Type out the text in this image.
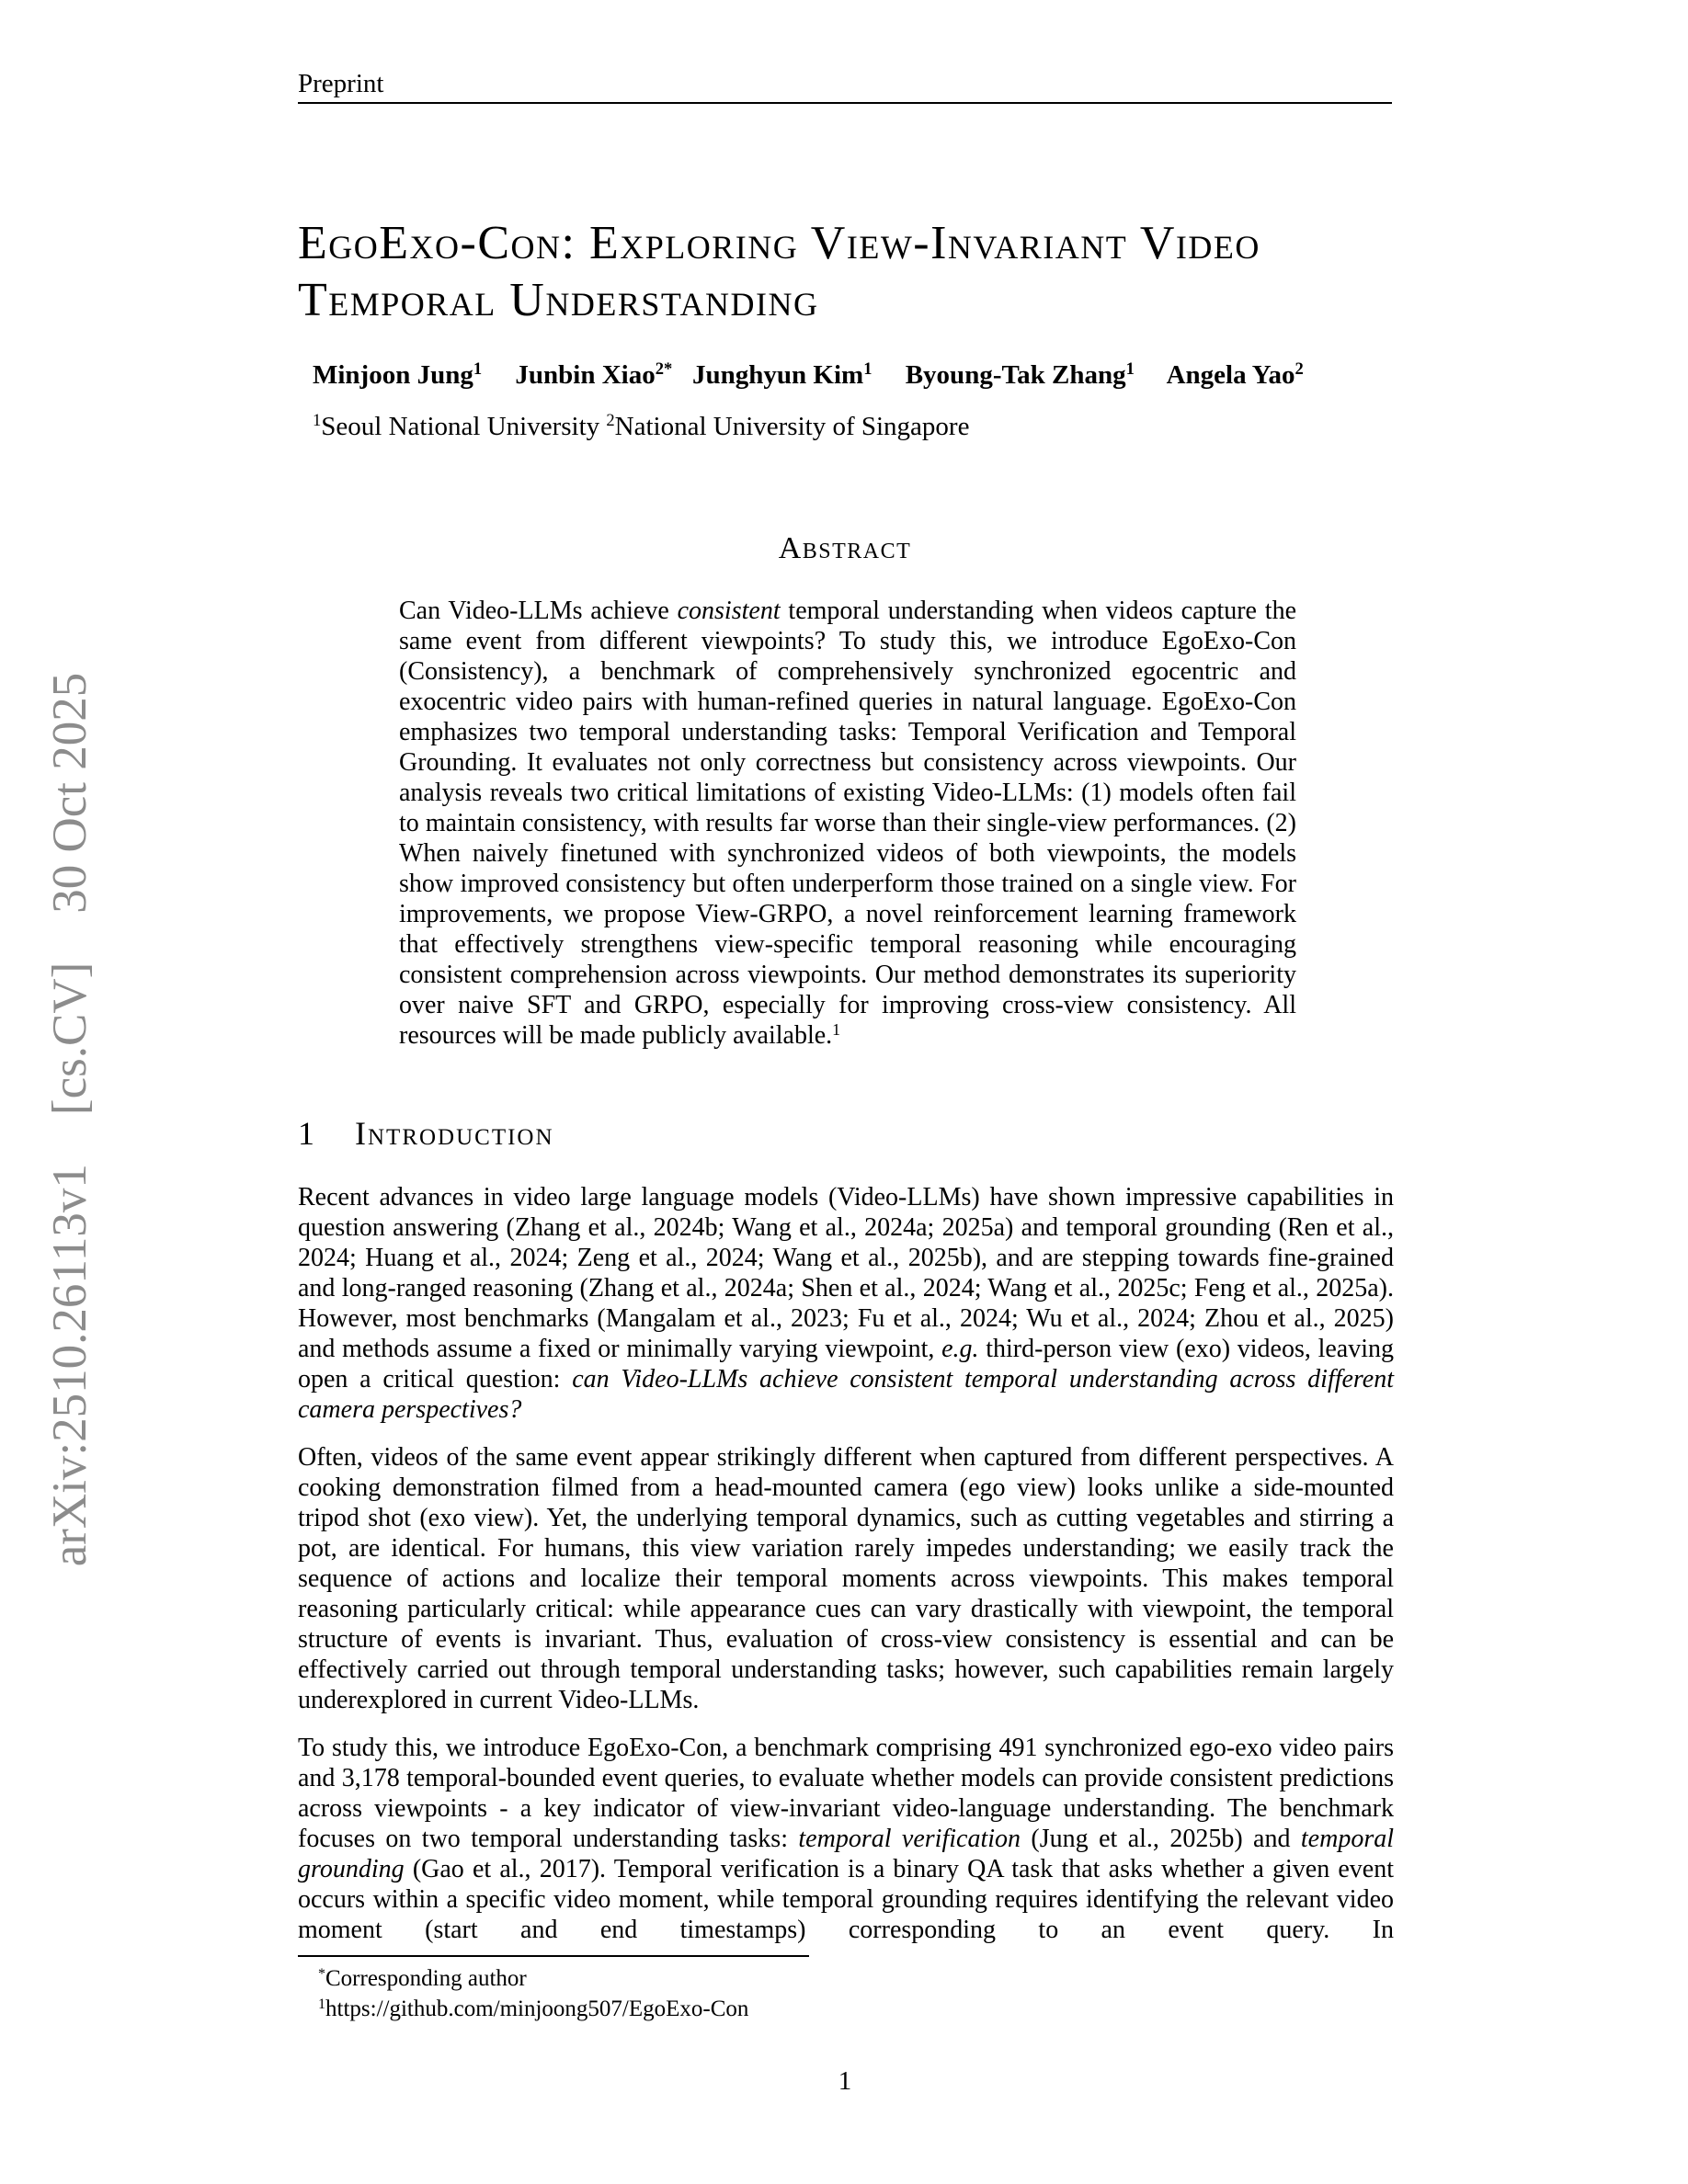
Preprint
arXiv:2510.26113v1  [cs.CV]  30 Oct 2025
EgoExo-Con: Exploring View-Invariant Video
Temporal Understanding
Minjoon Jung$^1$  Junbin Xiao$^{2*}$  Junghyun Kim$^1$  Byoung-Tak Zhang$^1$  Angela Yao$^2$
$^1$Seoul National University $^2$National University of Singapore
Abstract
Can Video-LLMs achieve consistent temporal understanding when videos capture the same event from different viewpoints? To study this, we introduce EgoExo-Con (Consistency), a benchmark of comprehensively synchronized egocentric and exocentric video pairs with human-refined queries in natural language. EgoExo-Con emphasizes two temporal understanding tasks: Temporal Verification and Temporal Grounding. It evaluates not only correctness but consistency across viewpoints. Our analysis reveals two critical limitations of existing Video-LLMs: (1) models often fail to maintain consistency, with results far worse than their single-view performances. (2) When naively finetuned with synchronized videos of both viewpoints, the models show improved consistency but often underperform those trained on a single view. For improvements, we propose View-GRPO, a novel reinforcement learning framework that effectively strengthens view-specific temporal reasoning while encouraging consistent comprehension across viewpoints. Our method demonstrates its superiority over naive SFT and GRPO, especially for improving cross-view consistency. All resources will be made publicly available.$^1$
1 Introduction

Recent advances in video large language models (Video-LLMs) have shown impressive capabilities in question answering (Zhang et al., 2024b; Wang et al., 2024a; 2025a) and temporal grounding (Ren et al., 2024; Huang et al., 2024; Zeng et al., 2024; Wang et al., 2025b), and are stepping towards fine-grained and long-ranged reasoning (Zhang et al., 2024a; Shen et al., 2024; Wang et al., 2025c; Feng et al., 2025a). However, most benchmarks (Mangalam et al., 2023; Fu et al., 2024; Wu et al., 2024; Zhou et al., 2025) and methods assume a fixed or minimally varying viewpoint, e.g. third-person view (exo) videos, leaving open a critical question: can Video-LLMs achieve consistent temporal understanding across different camera perspectives?

Often, videos of the same event appear strikingly different when captured from different perspectives. A cooking demonstration filmed from a head-mounted camera (ego view) looks unlike a side-mounted tripod shot (exo view). Yet, the underlying temporal dynamics, such as cutting vegetables and stirring a pot, are identical. For humans, this view variation rarely impedes understanding; we easily track the sequence of actions and localize their temporal moments across viewpoints. This makes temporal reasoning particularly critical: while appearance cues can vary drastically with viewpoint, the temporal structure of events is invariant. Thus, evaluation of cross-view consistency is essential and can be effectively carried out through temporal understanding tasks; however, such capabilities remain largely underexplored in current Video-LLMs.

To study this, we introduce EgoExo-Con, a benchmark comprising 491 synchronized ego-exo video pairs and 3,178 temporal-bounded event queries, to evaluate whether models can provide consistent predictions across viewpoints - a key indicator of view-invariant video-language understanding. The benchmark focuses on two temporal understanding tasks: temporal verification (Jung et al., 2025b) and temporal grounding (Gao et al., 2017). Temporal verification is a binary QA task that asks whether a given event occurs within a specific video moment, while temporal grounding requires identifying the relevant video moment (start and end timestamps) corresponding to an event query. In

*Corresponding author
$^1$https://github.com/minjoong507/EgoExo-Con
1
